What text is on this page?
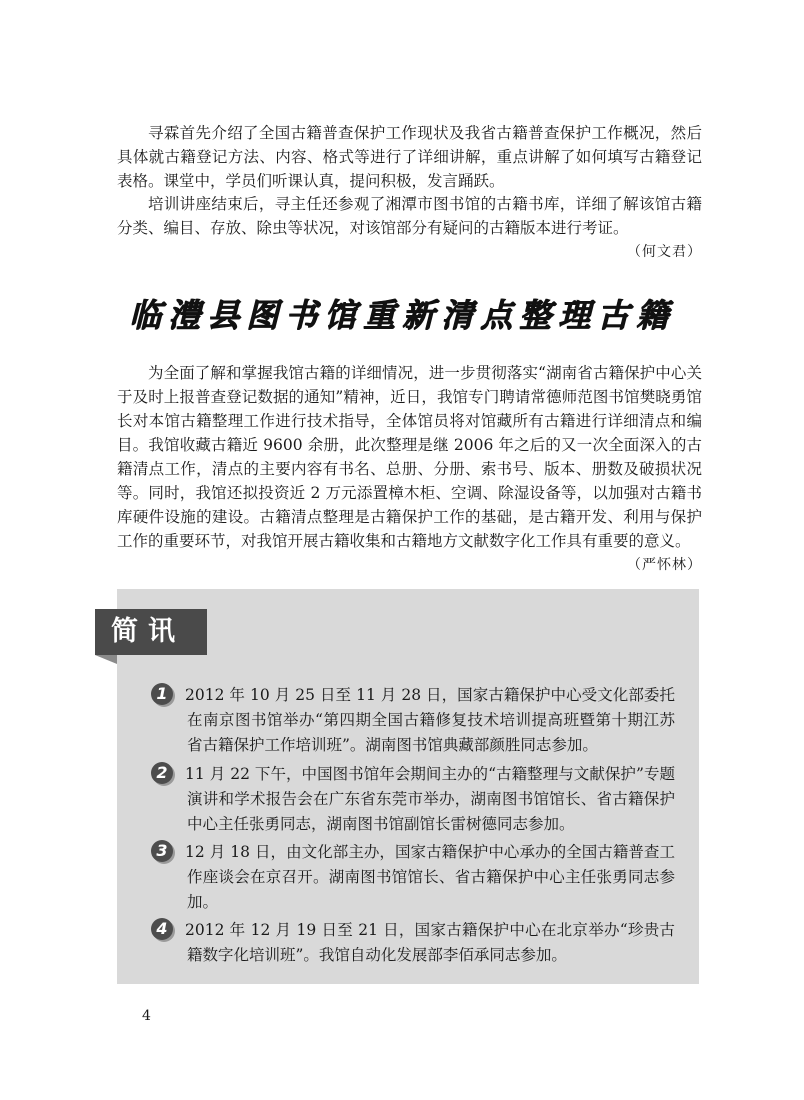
寻霖首先介绍了全国古籍普查保护工作现状及我省古籍普查保护工作概况，然后具体就古籍登记方法、内容、格式等进行了详细讲解，重点讲解了如何填写古籍登记表格。课堂中，学员们听课认真，提问积极，发言踊跃。

培训讲座结束后，寻主任还参观了湘潭市图书馆的古籍书库，详细了解该馆古籍分类、编目、存放、除虫等状况，对该馆部分有疑问的古籍版本进行考证。
（何文君）

临澧县图书馆重新清点整理古籍

为全面了解和掌握我馆古籍的详细情况，进一步贯彻落实“湖南省古籍保护中心关于及时上报普查登记数据的通知”精神，近日，我馆专门聘请常德师范图书馆樊晓勇馆长对本馆古籍整理工作进行技术指导，全体馆员将对馆藏所有古籍进行详细清点和编目。我馆收藏古籍近 9600 余册，此次整理是继 2006 年之后的又一次全面深入的古籍清点工作，清点的主要内容有书名、总册、分册、索书号、版本、册数及破损状况等。同时，我馆还拟投资近 2 万元添置樟木柜、空调、除湿设备等，以加强对古籍书库硬件设施的建设。古籍清点整理是古籍保护工作的基础，是古籍开发、利用与保护工作的重要环节，对我馆开展古籍收集和古籍地方文献数字化工作具有重要的意义。
（严怀林）

简讯
1	2012 年 10 月 25 日至 11 月 28 日，国家古籍保护中心受文化部委托在南京图书馆举办“第四期全国古籍修复技术培训提高班暨第十期江苏省古籍保护工作培训班”。湖南图书馆典藏部颜胜同志参加。
2	11 月 22 下午，中国图书馆年会期间主办的“古籍整理与文献保护”专题演讲和学术报告会在广东省东莞市举办，湖南图书馆馆长、省古籍保护中心主任张勇同志，湖南图书馆副馆长雷树德同志参加。
3	12 月 18 日，由文化部主办，国家古籍保护中心承办的全国古籍普查工作座谈会在京召开。湖南图书馆馆长、省古籍保护中心主任张勇同志参加。
4	2012 年 12 月 19 日至 21 日，国家古籍保护中心在北京举办“珍贵古籍数字化培训班”。我馆自动化发展部李佰承同志参加。
4
